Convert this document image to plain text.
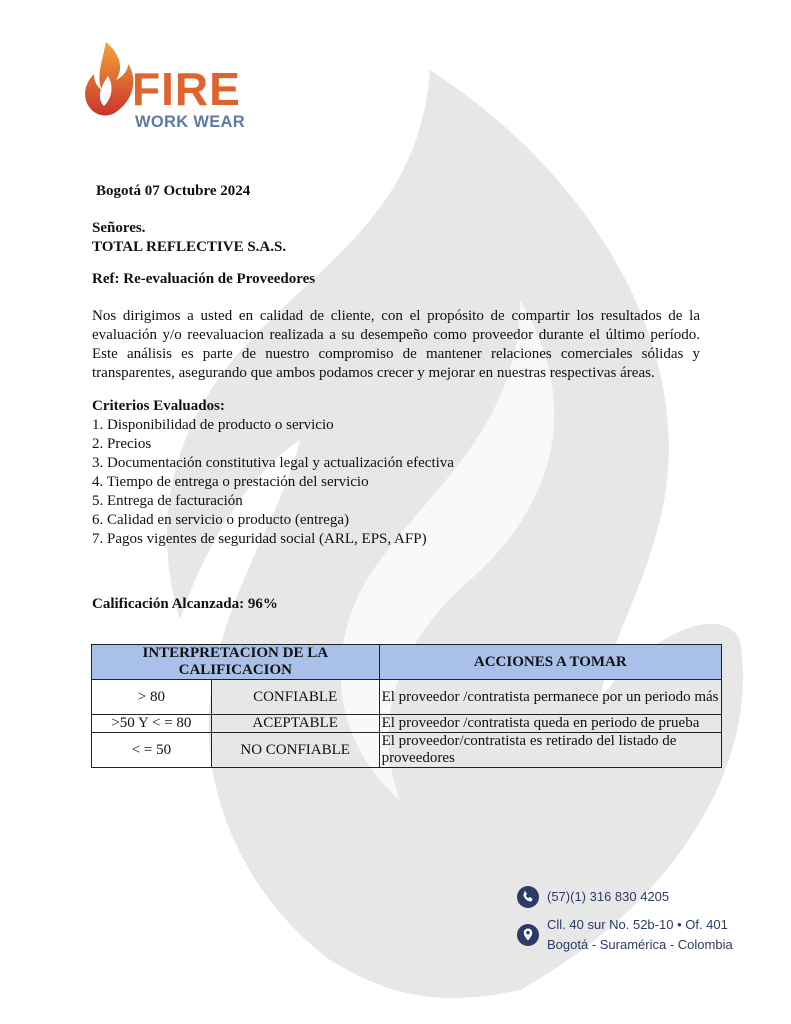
FIRE
WORK WEAR

Bogotá 07 Octubre 2024

Señores.

TOTAL REFLECTIVE S.A.S.

Ref: Re-evaluación de Proveedores

Nos dirigimos a usted en calidad de cliente, con el propósito de compartir los resultados de la evaluación y/o reevaluacion realizada a su desempeño como proveedor durante el último período. Este análisis es parte de nuestro compromiso de mantener relaciones comerciales sólidas y transparentes, asegurando que ambos podamos crecer y mejorar en nuestras respectivas áreas.

Criterios Evaluados:
1. Disponibilidad de producto o servicio
2. Precios
3. Documentación constitutiva legal y actualización efectiva
4. Tiempo de entrega o prestación del servicio
5. Entrega de facturación
6. Calidad en servicio o producto (entrega)
7. Pagos vigentes de seguridad social (ARL, EPS, AFP)

Calificación Alcanzada: 96%

INTERPRETACION DE LA CALIFICACION		ACCIONES A TOMAR
> 80	CONFIABLE	El proveedor /contratista permanece por un periodo más
>50 Y < = 80	ACEPTABLE	El proveedor /contratista queda en periodo de prueba
< = 50	NO CONFIABLE	El proveedor/contratista es retirado del listado de proveedores
(57)(1) 316 830 4205
Cll. 40 sur No. 52b-10 • Of. 401
Bogotá - Suramérica - Colombia
